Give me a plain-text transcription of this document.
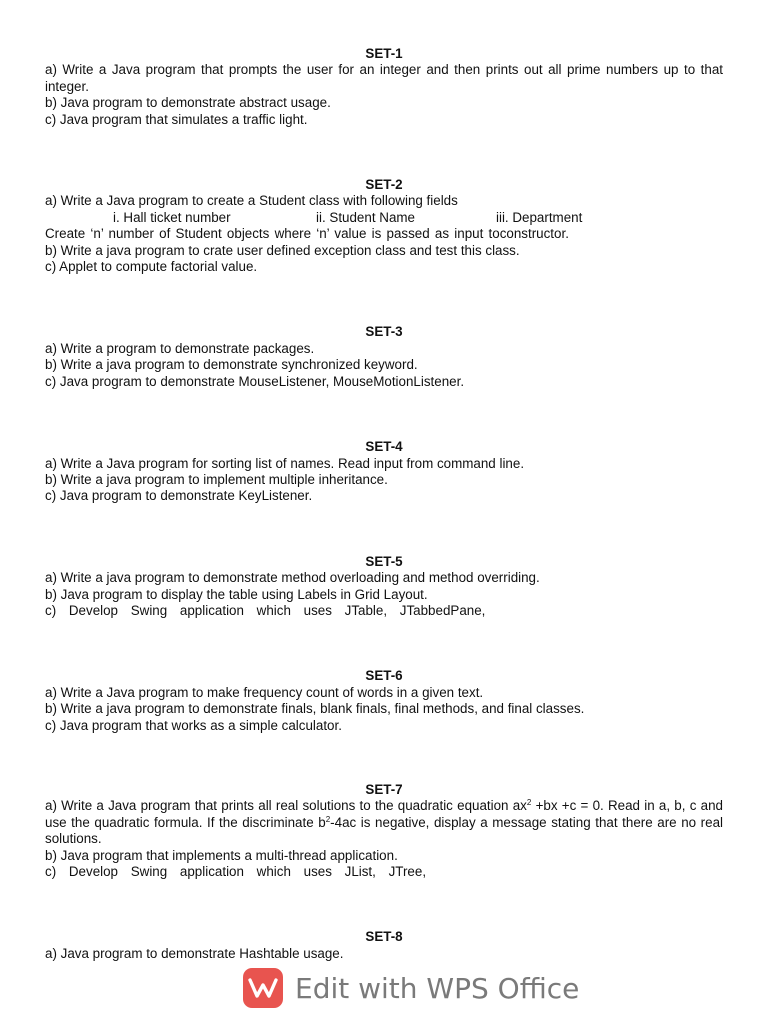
SET-1

a) Write a Java program that prompts the user for an integer and then prints out all prime numbers up to that integer.

b) Java program to demonstrate abstract usage.

c) Java program that simulates a traffic light.

SET-2

a) Write a Java program to create a Student class with following fields

i. Hall ticket number	ii. Student Name	iii. Department

Create ‘n’ number of Student objects where ‘n’ value is passed as input toconstructor.

b) Write a java program to crate user defined exception class and test this class.

c) Applet to compute factorial value.

SET-3

a) Write a program to demonstrate packages.

b) Write a java program to demonstrate synchronized keyword.

c) Java program to demonstrate MouseListener, MouseMotionListener.

SET-4

a) Write a Java program for sorting list of names. Read input from command line.

b) Write a java program to implement multiple inheritance.

c) Java program to demonstrate KeyListener.

SET-5

a) Write a java program to demonstrate method overloading and method overriding.

b) Java program to display the table using Labels in Grid Layout.

c) Develop Swing application which uses JTable, JTabbedPane,

SET-6

a) Write a Java program to make frequency count of words in a given text.

b) Write a java program to demonstrate finals, blank finals, final methods, and final classes.

c) Java program that works as a simple calculator.

SET-7

a) Write a Java program that prints all real solutions to the quadratic equation $ax^2 +bx +c = 0$. Read in a, b, c and use the quadratic formula. If the discriminate $b^2-4ac$ is negative, display a message stating that there are no real solutions.

b) Java program that implements a multi-thread application.

c) Develop Swing application which uses JList, JTree,

SET-8

a) Java program to demonstrate Hashtable usage.

Edit with WPS Office
